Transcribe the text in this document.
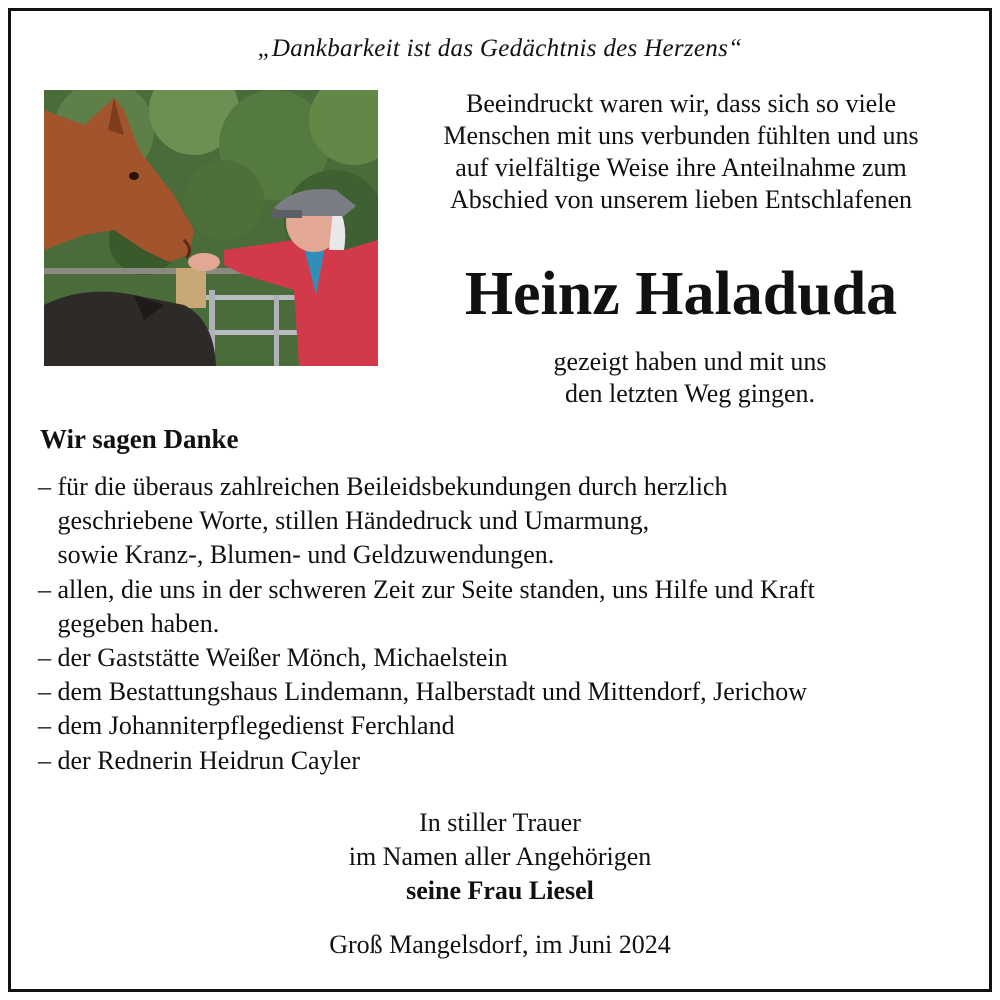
„Dankbarkeit ist das Gedächtnis des Herzens“
Beeindruckt waren wir, dass sich so viele
Menschen mit uns verbunden fühlten und uns
auf vielfältige Weise ihre Anteilnahme zum
Abschied von unserem lieben Entschlafenen
Heinz Haladuda
gezeigt haben und mit uns
den letzten Weg gingen.
Wir sagen Danke
– für die überaus zahlreichen Beileidsbekundungen durch herzlich
geschriebene Worte, stillen Händedruck und Umarmung,
sowie Kranz-, Blumen- und Geldzuwendungen.
– allen, die uns in der schweren Zeit zur Seite standen, uns Hilfe und Kraft
gegeben haben.
– der Gaststätte Weißer Mönch, Michaelstein
– dem Bestattungshaus Lindemann, Halberstadt und Mittendorf, Jerichow
– dem Johanniterpflegedienst Ferchland
– der Rednerin Heidrun Cayler
In stiller Trauer
im Namen aller Angehörigen
seine Frau Liesel
Groß Mangelsdorf, im Juni 2024
